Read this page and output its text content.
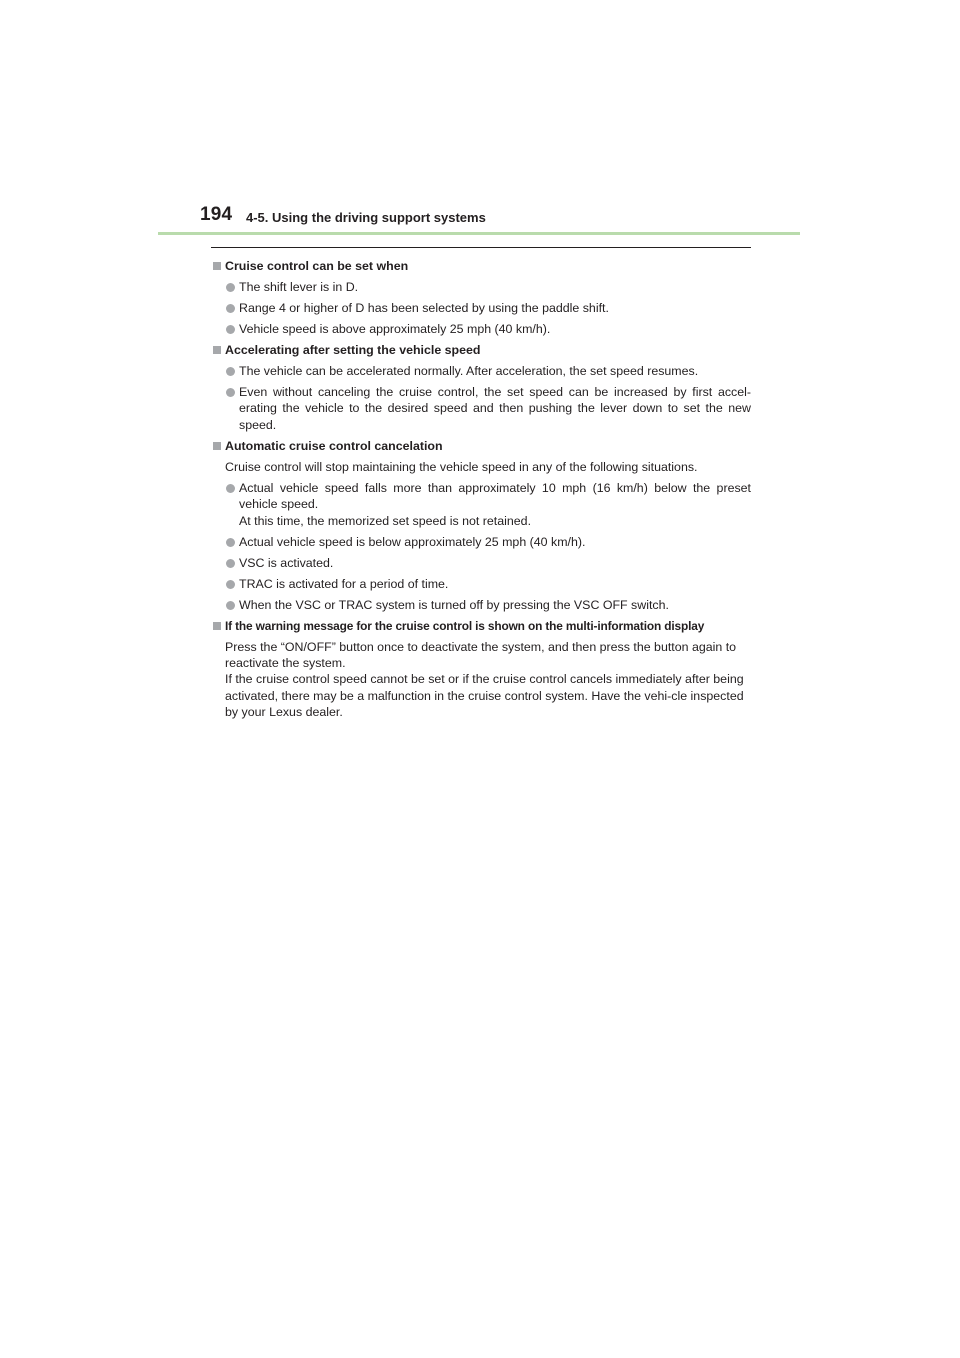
194 4-5. Using the driving support systems
Cruise control can be set when
The shift lever is in D.
Range 4 or higher of D has been selected by using the paddle shift.
Vehicle speed is above approximately 25 mph (40 km/h).
Accelerating after setting the vehicle speed
The vehicle can be accelerated normally. After acceleration, the set speed resumes.
Even without canceling the cruise control, the set speed can be increased by first accel-erating the vehicle to the desired speed and then pushing the lever down to set the new speed.
Automatic cruise control cancelation
Cruise control will stop maintaining the vehicle speed in any of the following situations.
Actual vehicle speed falls more than approximately 10 mph (16 km/h) below the preset vehicle speed.
At this time, the memorized set speed is not retained.
Actual vehicle speed is below approximately 25 mph (40 km/h).
VSC is activated.
TRAC is activated for a period of time.
When the VSC or TRAC system is turned off by pressing the VSC OFF switch.
If the warning message for the cruise control is shown on the multi-information display
Press the “ON/OFF” button once to deactivate the system, and then press the button again to reactivate the system.
If the cruise control speed cannot be set or if the cruise control cancels immediately after being activated, there may be a malfunction in the cruise control system. Have the vehi-cle inspected by your Lexus dealer.
